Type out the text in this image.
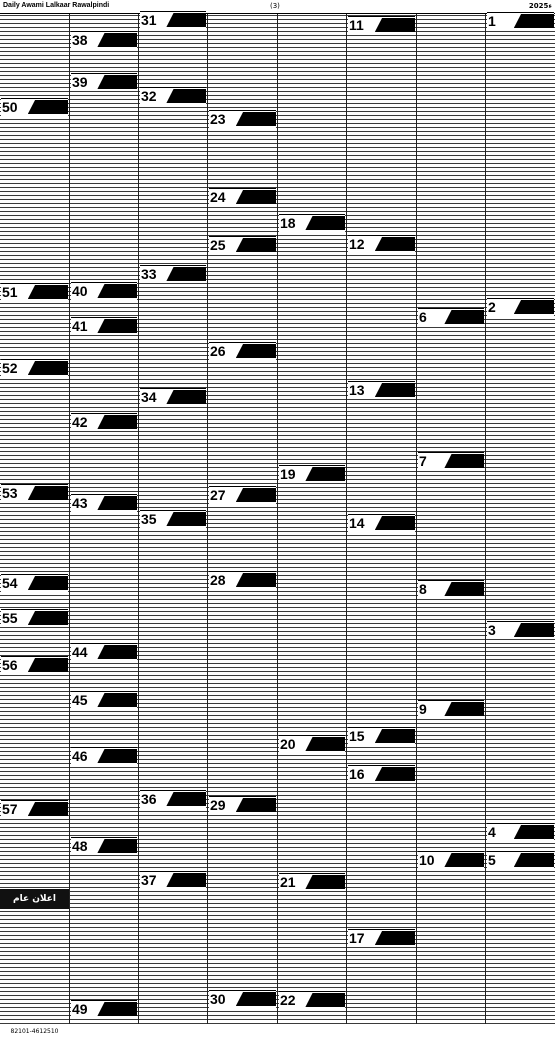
Daily Awami Lalkaar Rawalpindi	(3)	2025ء
50
51
52
53
54
55
56
57
اعلان عام
82101-4612510
38
39
40
41
42
43
44
45
46
48
49
31
32
33
34
35
36
37
23
24
25
26
27
28
29
30
18
19
20
21
22
11
12
13
14
15
16
17
6
7
8
9
10
1
2
3
4
5
